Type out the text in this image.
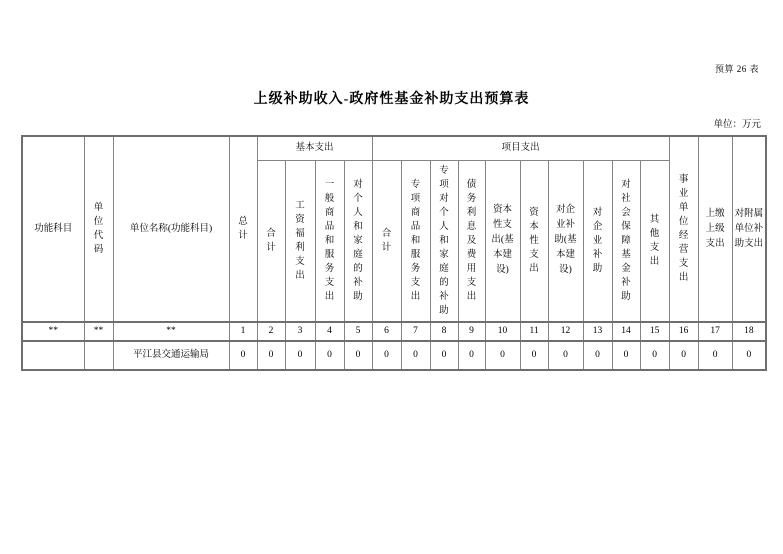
预算 26 表
上级补助收入-政府性基金补助支出预算表
单位：万元
功能科目	单位代码	单位名称(功能科目)	总计	基本支出				项目支出										事业单位经营支出	上缴上级支出	对附属单位补助支出
				合计	工资福利支出	一般商品和服务支出	对个人和家庭的补助	合计	专项商品和服务支出	专项对个人和家庭的补助	债务利息及费用支出	资本性支出(基本建设)	资本性支出	对企业补助(基本建设)	对企业补助	对社会保障基金补助	其他支出			
**	**	**	1	2	3	4	5	6	7	8	9	10	11	12	13	14	15	16	17	18
		平江县交通运输局	0	0	0	0	0	0	0	0	0	0	0	0	0	0	0	0	0	0
